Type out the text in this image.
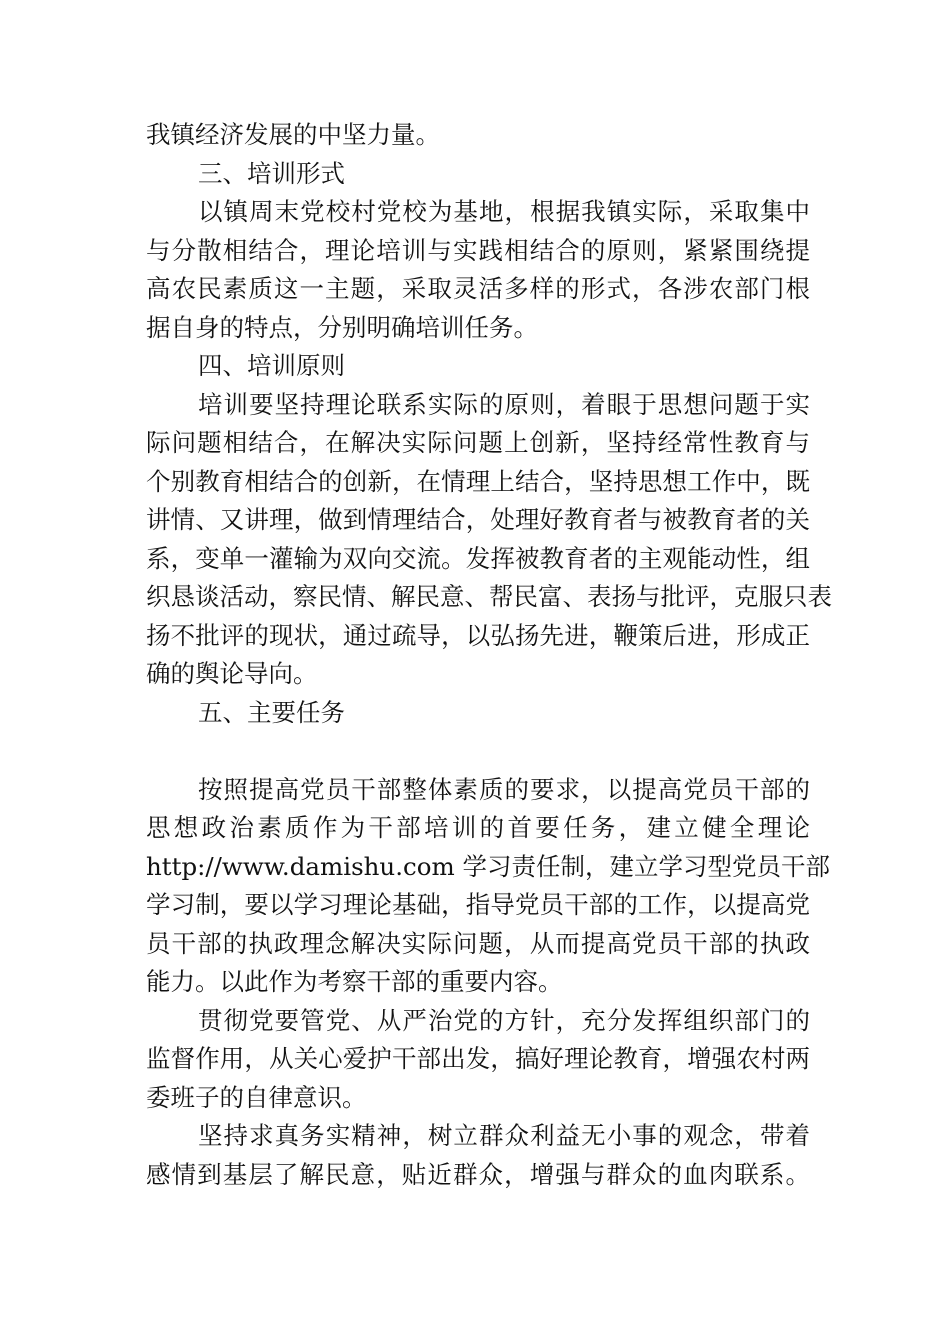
我镇经济发展的中坚力量。
三、培训形式
以镇周末党校村党校为基地，根据我镇实际，采取集中
与分散相结合，理论培训与实践相结合的原则，紧紧围绕提
高农民素质这一主题，采取灵活多样的形式，各涉农部门根
据自身的特点，分别明确培训任务。
四、培训原则
培训要坚持理论联系实际的原则，着眼于思想问题于实
际问题相结合，在解决实际问题上创新，坚持经常性教育与
个别教育相结合的创新，在情理上结合，坚持思想工作中，既
讲情、又讲理，做到情理结合，处理好教育者与被教育者的关
系，变单一灌输为双向交流。发挥被教育者的主观能动性，组
织恳谈活动，察民情、解民意、帮民富、表扬与批评，克服只表
扬不批评的现状，通过疏导，以弘扬先进，鞭策后进，形成正
确的舆论导向。
五、主要任务
按照提高党员干部整体素质的要求，以提高党员干部的
思想政治素质作为干部培训的首要任务，建立健全理论
http://www.damishu.com 学习责任制，建立学习型党员干部
学习制，要以学习理论基础，指导党员干部的工作，以提高党
员干部的执政理念解决实际问题，从而提高党员干部的执政
能力。以此作为考察干部的重要内容。
贯彻党要管党、从严治党的方针，充分发挥组织部门的
监督作用，从关心爱护干部出发，搞好理论教育，增强农村两
委班子的自律意识。
坚持求真务实精神，树立群众利益无小事的观念，带着
感情到基层了解民意，贴近群众，增强与群众的血肉联系。
